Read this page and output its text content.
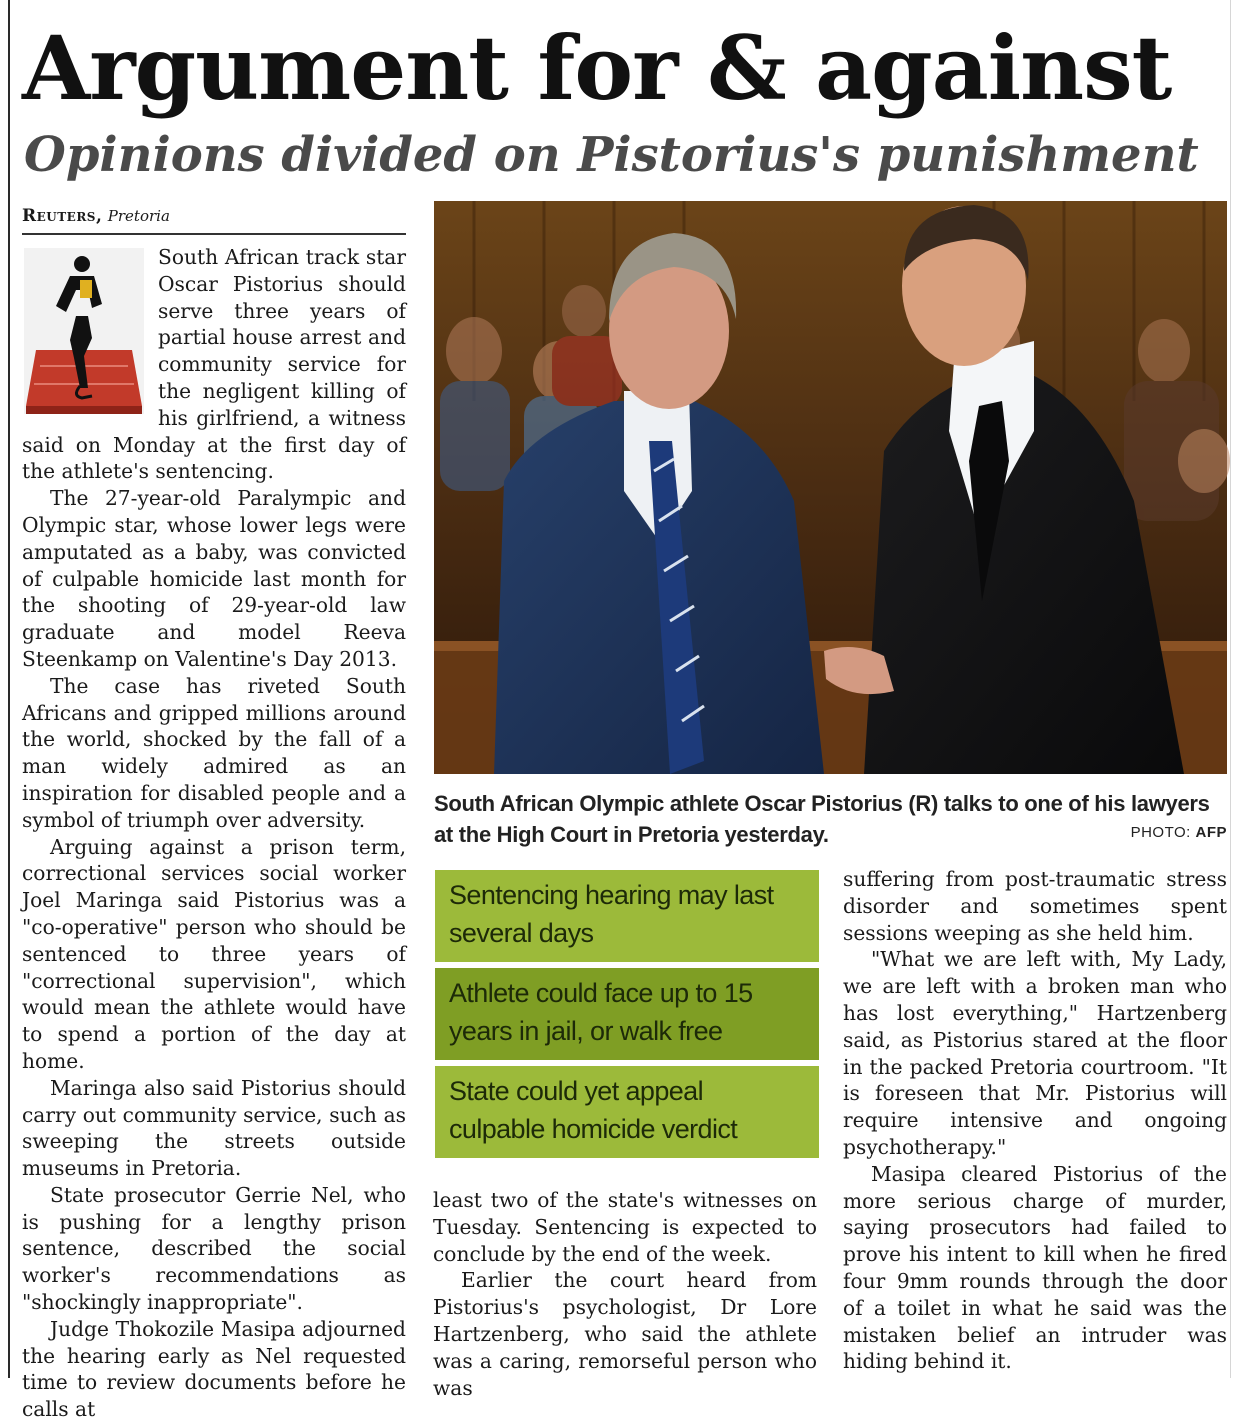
Argument for & against
Opinions divided on Pistorius's punishment
Reuters, Pretoria

South African track star Oscar Pistorius should serve three years of partial house arrest and community service for the negligent killing of his girlfriend, a witness said on Monday at the first day of the athlete's sentencing.

The 27-year-old Paralympic and Olympic star, whose lower legs were amputated as a baby, was convicted of culpable homicide last month for the shooting of 29-year-old law graduate and model Reeva Steenkamp on Valentine's Day 2013.

The case has riveted South Africans and gripped millions around the world, shocked by the fall of a man widely admired as an inspiration for disabled people and a symbol of triumph over adversity.

Arguing against a prison term, correctional services social worker Joel Maringa said Pistorius was a "co-operative" person who should be sentenced to three years of "correctional supervision", which would mean the athlete would have to spend a portion of the day at home.

Maringa also said Pistorius should carry out community service, such as sweeping the streets outside museums in Pretoria.

State prosecutor Gerrie Nel, who is pushing for a lengthy prison sentence, described the social worker's recommendations as "shockingly inappropriate".

Judge Thokozile Masipa adjourned the hearing early as Nel requested time to review documents before he calls at

South African Olympic athlete Oscar Pistorius (R) talks to one of his lawyers at the High Court in Pretoria yesterday.	PHOTO: AFP
Sentencing hearing may last several days
Athlete could face up to 15 years in jail, or walk free
State could yet appeal culpable homicide verdict

least two of the state's witnesses on Tuesday. Sentencing is expected to conclude by the end of the week.

Earlier the court heard from Pistorius's psychologist, Dr Lore Hartzenberg, who said the athlete was a caring, remorseful person who was

suffering from post-traumatic stress disorder and sometimes spent sessions weeping as she held him.

"What we are left with, My Lady, we are left with a broken man who has lost everything," Hartzenberg said, as Pistorius stared at the floor in the packed Pretoria courtroom. "It is foreseen that Mr. Pistorius will require intensive and ongoing psychotherapy."

Masipa cleared Pistorius of the more serious charge of murder, saying prosecutors had failed to prove his intent to kill when he fired four 9mm rounds through the door of a toilet in what he said was the mistaken belief an intruder was hiding behind it.
